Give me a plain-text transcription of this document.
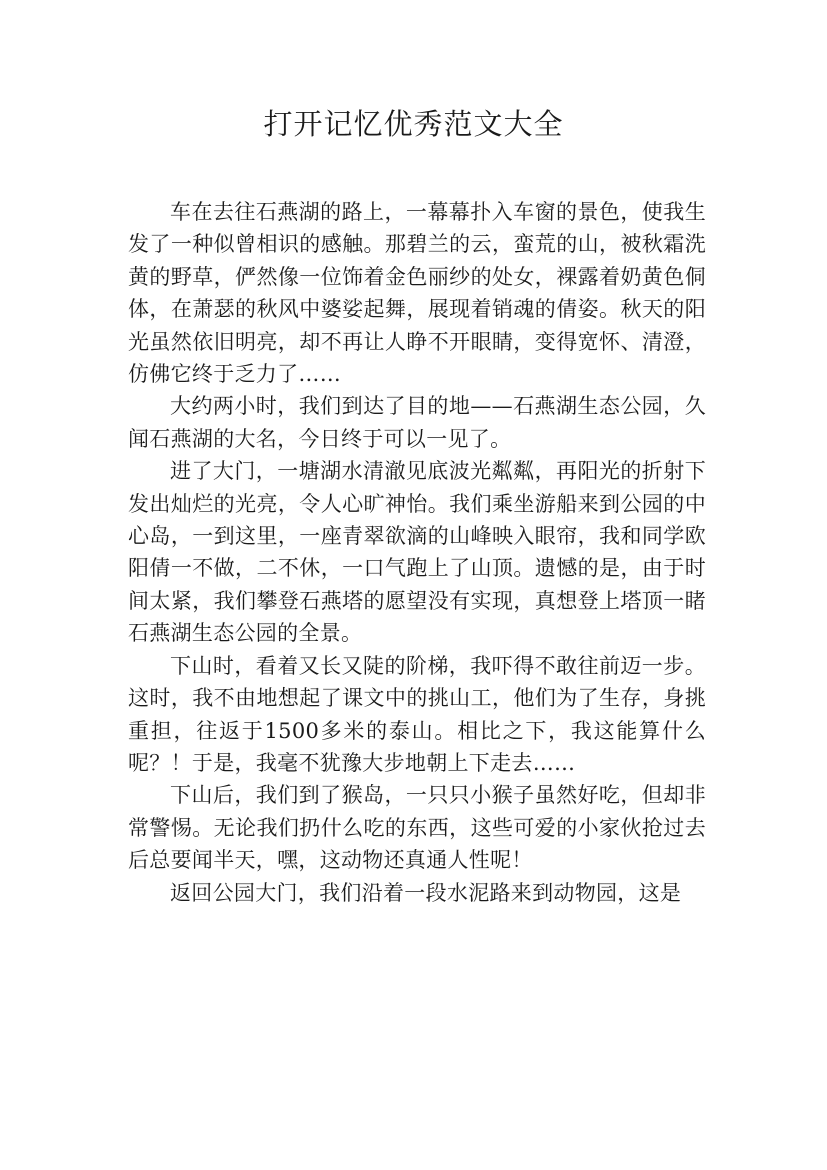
打开记忆优秀范文大全

车在去往石燕湖的路上，一幕幕扑入车窗的景色，使我生发了一种似曾相识的感触。那碧兰的云，蛮荒的山，被秋霜洗黄的野草，俨然像一位饰着金色丽纱的处女，裸露着奶黄色侗体，在萧瑟的秋风中婆娑起舞，展现着销魂的倩姿。秋天的阳光虽然依旧明亮，却不再让人睁不开眼睛，变得宽怀、清澄，仿佛它终于乏力了……

大约两小时，我们到达了目的地——石燕湖生态公园，久闻石燕湖的大名，今日终于可以一见了。

进了大门，一塘湖水清澈见底波光粼粼，再阳光的折射下发出灿烂的光亮，令人心旷神怡。我们乘坐游船来到公园的中心岛，一到这里，一座青翠欲滴的山峰映入眼帘，我和同学欧阳倩一不做，二不休，一口气跑上了山顶。遗憾的是，由于时间太紧，我们攀登石燕塔的愿望没有实现，真想登上塔顶一睹石燕湖生态公园的全景。

下山时，看着又长又陡的阶梯，我吓得不敢往前迈一步。这时，我不由地想起了课文中的挑山工，他们为了生存，身挑重担，往返于1500多米的泰山。相比之下，我这能算什么呢？！于是，我毫不犹豫大步地朝上下走去……

下山后，我们到了猴岛，一只只小猴子虽然好吃，但却非常警惕。无论我们扔什么吃的东西，这些可爱的小家伙抢过去后总要闻半天，嘿，这动物还真通人性呢！

返回公园大门，我们沿着一段水泥路来到动物园，这是
